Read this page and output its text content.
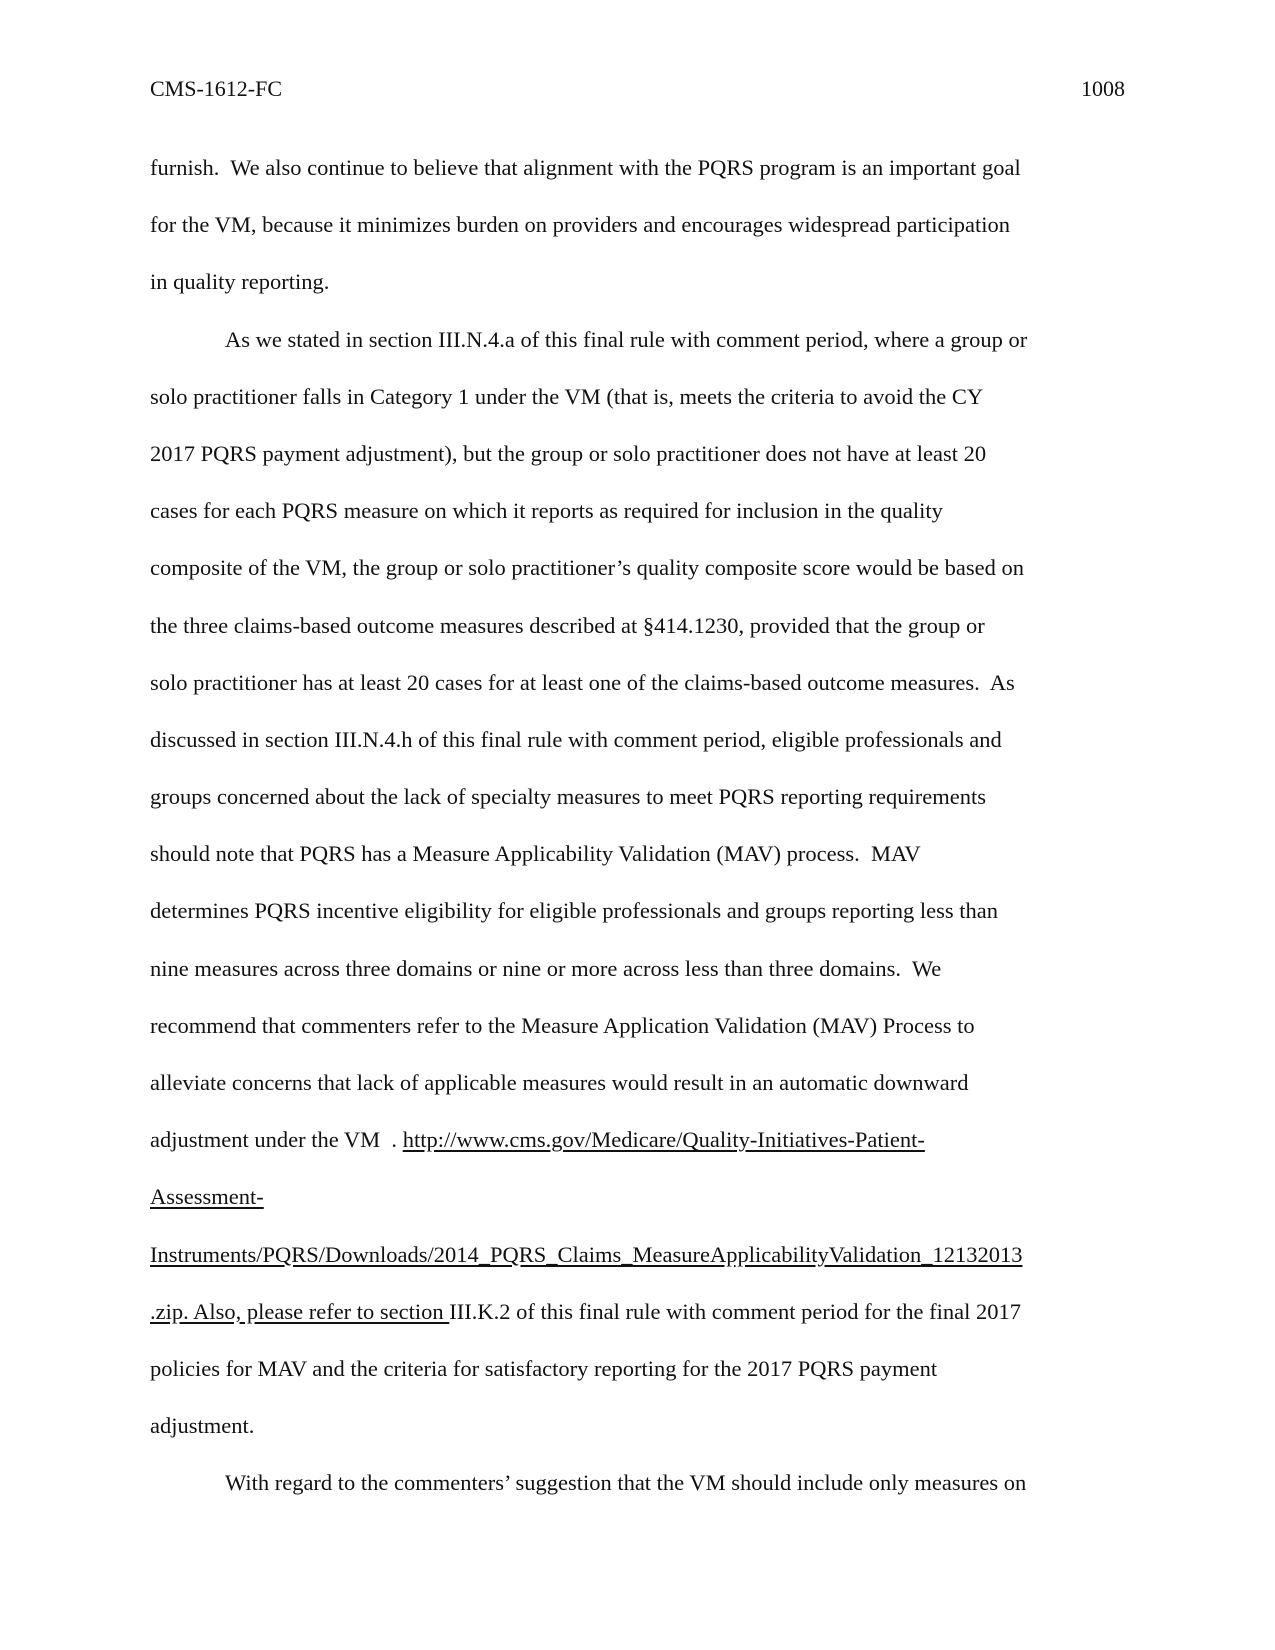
CMS-1612-FC	1008
furnish.  We also continue to believe that alignment with the PQRS program is an important goal
for the VM, because it minimizes burden on providers and encourages widespread participation
in quality reporting.
As we stated in section III.N.4.a of this final rule with comment period, where a group or
solo practitioner falls in Category 1 under the VM (that is, meets the criteria to avoid the CY
2017 PQRS payment adjustment), but the group or solo practitioner does not have at least 20
cases for each PQRS measure on which it reports as required for inclusion in the quality
composite of the VM, the group or solo practitioner’s quality composite score would be based on
the three claims-based outcome measures described at §414.1230, provided that the group or
solo practitioner has at least 20 cases for at least one of the claims-based outcome measures.  As
discussed in section III.N.4.h of this final rule with comment period, eligible professionals and
groups concerned about the lack of specialty measures to meet PQRS reporting requirements
should note that PQRS has a Measure Applicability Validation (MAV) process.  MAV
determines PQRS incentive eligibility for eligible professionals and groups reporting less than
nine measures across three domains or nine or more across less than three domains.  We
recommend that commenters refer to the Measure Application Validation (MAV) Process to
alleviate concerns that lack of applicable measures would result in an automatic downward
adjustment under the VM  . http://www.cms.gov/Medicare/Quality-Initiatives-Patient-
Assessment-
Instruments/PQRS/Downloads/2014_PQRS_Claims_MeasureApplicabilityValidation_12132013
.zip. Also, please refer to section III.K.2 of this final rule with comment period for the final 2017
policies for MAV and the criteria for satisfactory reporting for the 2017 PQRS payment
adjustment.
With regard to the commenters’ suggestion that the VM should include only measures on
